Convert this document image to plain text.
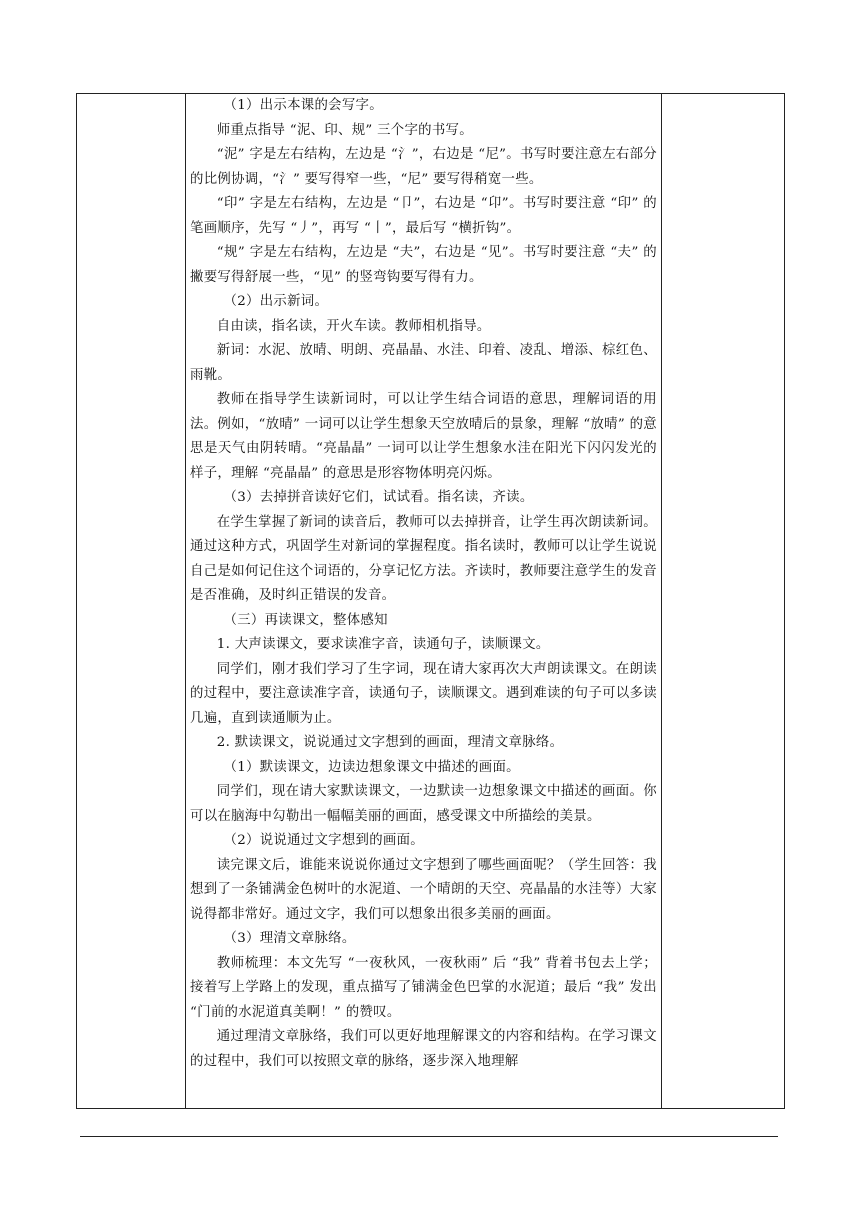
（1）出示本课的会写字。

师重点指导 “泥、印、规” 三个字的书写。

“泥” 字是左右结构，左边是 “氵”，右边是 “尼”。书写时要注意左右部分的比例协调，“氵” 要写得窄一些，“尼” 要写得稍宽一些。

“印” 字是左右结构，左边是 “卩”，右边是 “卬”。书写时要注意 “印” 的笔画顺序，先写 “丿”，再写 “丨”，最后写 “横折钩”。

“规” 字是左右结构，左边是 “夫”，右边是 “见”。书写时要注意 “夫” 的撇要写得舒展一些，“见” 的竖弯钩要写得有力。

（2）出示新词。

自由读，指名读，开火车读。教师相机指导。

新词：水泥、放晴、明朗、亮晶晶、水洼、印着、凌乱、增添、棕红色、雨靴。

教师在指导学生读新词时，可以让学生结合词语的意思，理解词语的用法。例如，“放晴” 一词可以让学生想象天空放晴后的景象，理解 “放晴” 的意思是天气由阴转晴。“亮晶晶” 一词可以让学生想象水洼在阳光下闪闪发光的样子，理解 “亮晶晶” 的意思是形容物体明亮闪烁。

（3）去掉拼音读好它们，试试看。指名读，齐读。

在学生掌握了新词的读音后，教师可以去掉拼音，让学生再次朗读新词。通过这种方式，巩固学生对新词的掌握程度。指名读时，教师可以让学生说说自己是如何记住这个词语的，分享记忆方法。齐读时，教师要注意学生的发音是否准确，及时纠正错误的发音。

（三）再读课文，整体感知

1. 大声读课文，要求读准字音，读通句子，读顺课文。

同学们，刚才我们学习了生字词，现在请大家再次大声朗读课文。在朗读的过程中，要注意读准字音，读通句子，读顺课文。遇到难读的句子可以多读几遍，直到读通顺为止。

2. 默读课文，说说通过文字想到的画面，理清文章脉络。

（1）默读课文，边读边想象课文中描述的画面。

同学们，现在请大家默读课文，一边默读一边想象课文中描述的画面。你可以在脑海中勾勒出一幅幅美丽的画面，感受课文中所描绘的美景。

（2）说说通过文字想到的画面。

读完课文后，谁能来说说你通过文字想到了哪些画面呢？（学生回答：我想到了一条铺满金色树叶的水泥道、一个晴朗的天空、亮晶晶的水洼等）大家说得都非常好。通过文字，我们可以想象出很多美丽的画面。

（3）理清文章脉络。

教师梳理：本文先写 “一夜秋风，一夜秋雨” 后 “我” 背着书包去上学；接着写上学路上的发现，重点描写了铺满金色巴掌的水泥道；最后 “我” 发出 “门前的水泥道真美啊！” 的赞叹。

通过理清文章脉络，我们可以更好地理解课文的内容和结构。在学习课文的过程中，我们可以按照文章的脉络，逐步深入地理解
